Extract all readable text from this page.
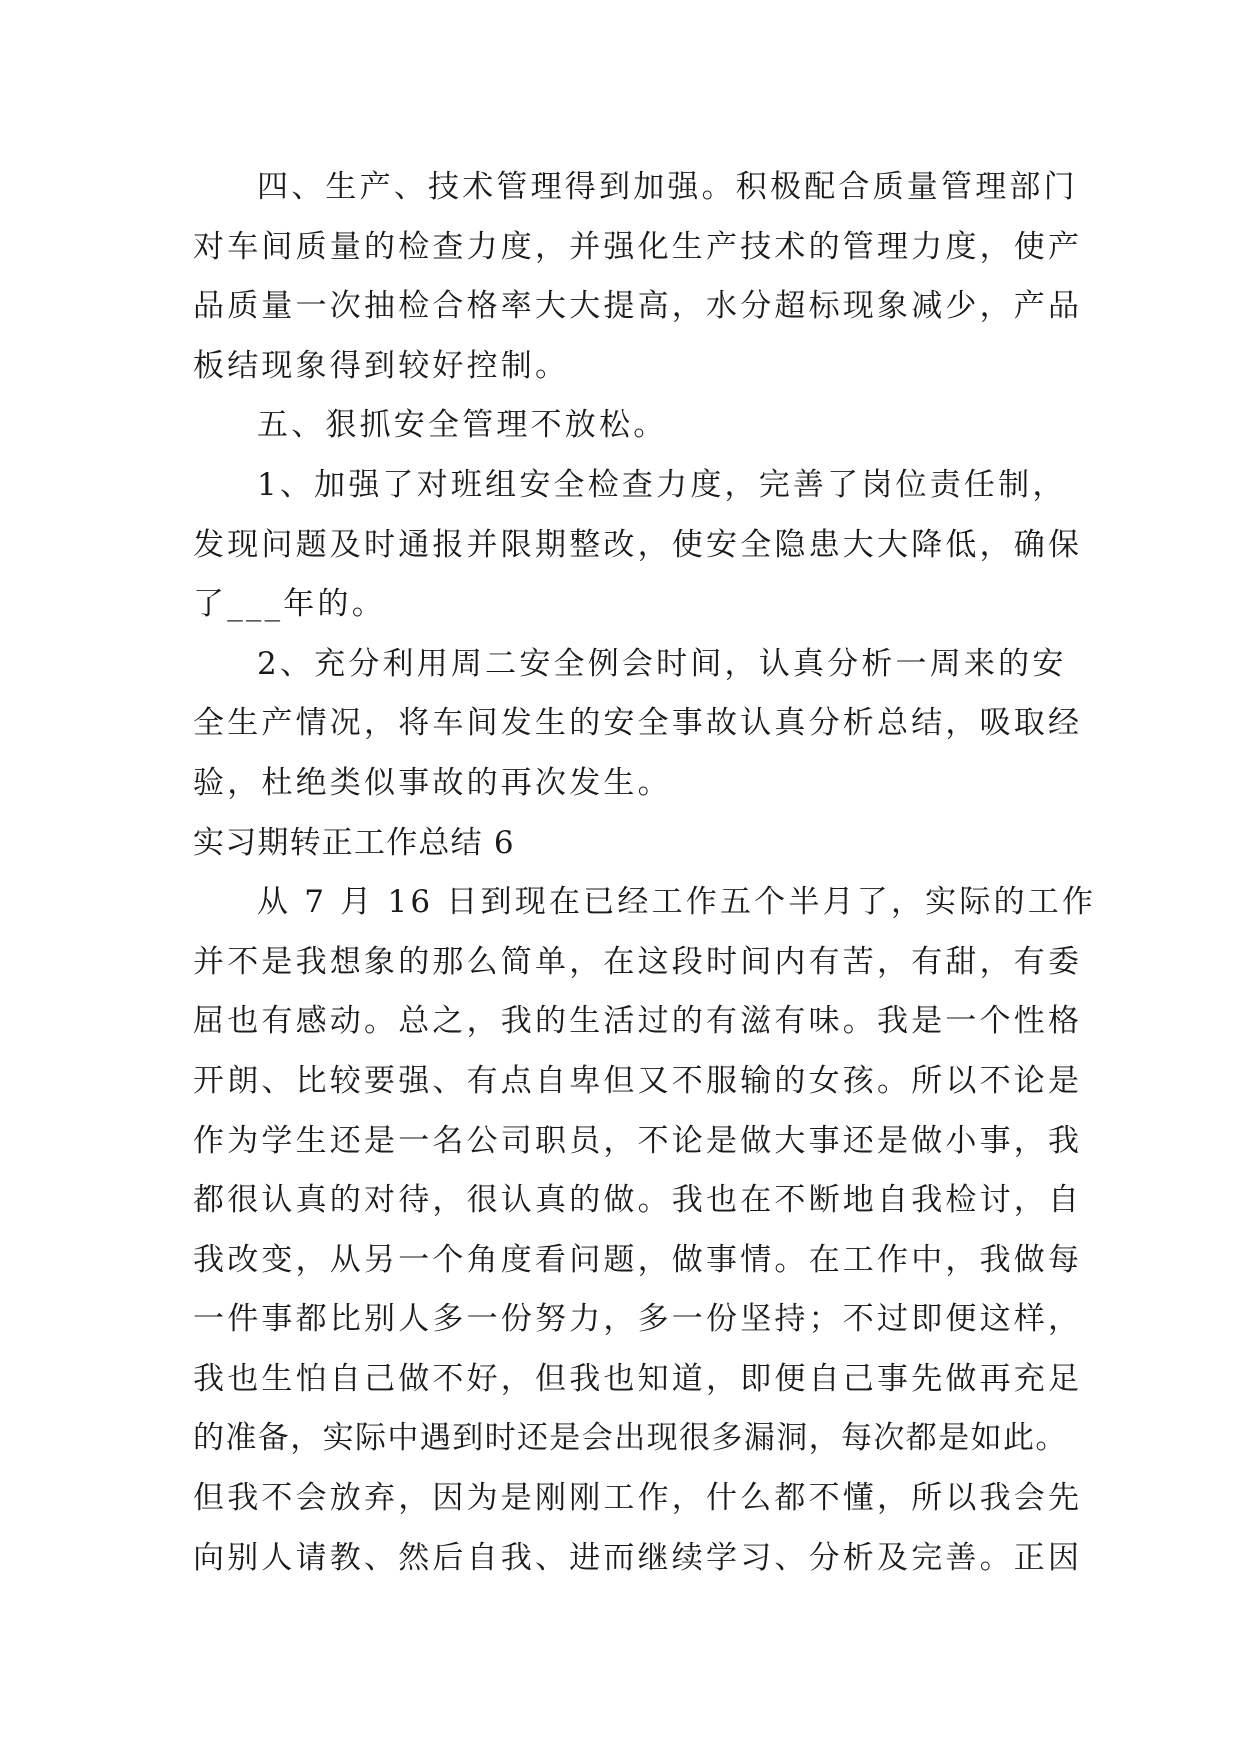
四、生产、技术管理得到加强。积极配合质量管理部门
对车间质量的检查力度，并强化生产技术的管理力度，使产
品质量一次抽检合格率大大提高，水分超标现象减少，产品
板结现象得到较好控制。
五、狠抓安全管理不放松。
1、加强了对班组安全检查力度，完善了岗位责任制，
发现问题及时通报并限期整改，使安全隐患大大降低，确保
了___年的。
2、充分利用周二安全例会时间，认真分析一周来的安
全生产情况，将车间发生的安全事故认真分析总结，吸取经
验，杜绝类似事故的再次发生。
实习期转正工作总结 6
从 7 月 16 日到现在已经工作五个半月了，实际的工作
并不是我想象的那么简单，在这段时间内有苦，有甜，有委
屈也有感动。总之，我的生活过的有滋有味。我是一个性格
开朗、比较要强、有点自卑但又不服输的女孩。所以不论是
作为学生还是一名公司职员，不论是做大事还是做小事，我
都很认真的对待，很认真的做。我也在不断地自我检讨，自
我改变，从另一个角度看问题，做事情。在工作中，我做每
一件事都比别人多一份努力，多一份坚持；不过即便这样，
我也生怕自己做不好，但我也知道，即便自己事先做再充足
的准备，实际中遇到时还是会出现很多漏洞，每次都是如此。
但我不会放弃，因为是刚刚工作，什么都不懂，所以我会先
向别人请教、然后自我、进而继续学习、分析及完善。正因
